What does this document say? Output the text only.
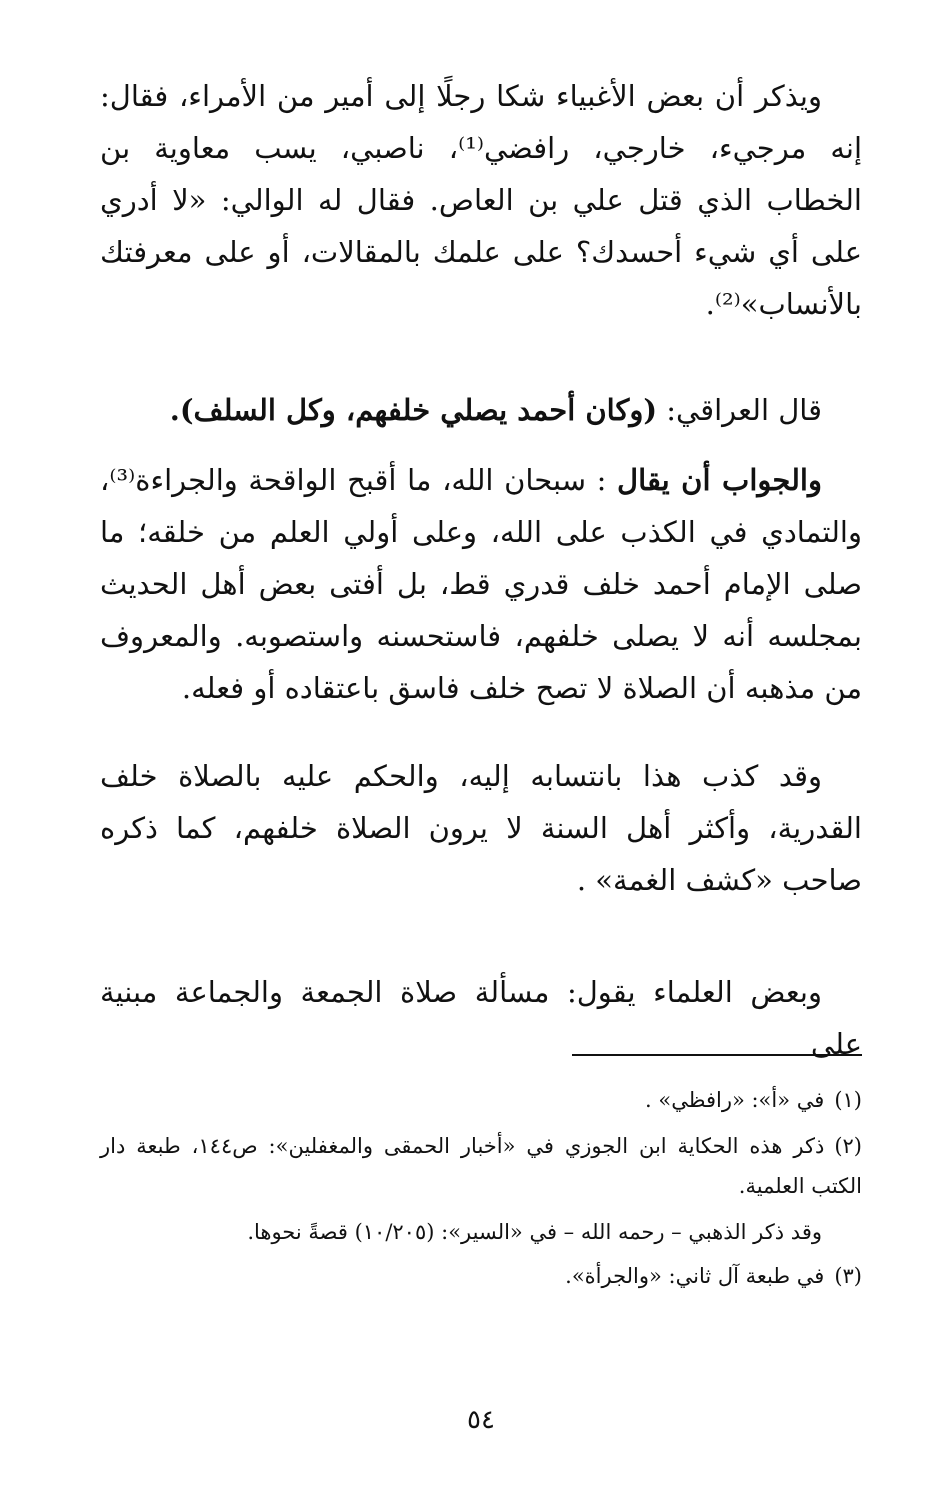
ويذكر أن بعض الأغبياء شكا رجلًا إلى أمير من الأمراء، فقال: إنه مرجيء، خارجي، رافضي⁽¹⁾، ناصبي، يسب معاوية بن الخطاب الذي قتل علي بن العاص. فقال له الوالي: «لا أدري على أي شيء أحسدك؟ على علمك بالمقالات، أو على معرفتك بالأنساب»⁽²⁾.

قال العراقي: (وكان أحمد يصلي خلفهم، وكل السلف).

والجواب أن يقال : سبحان الله، ما أقبح الواقحة والجراءة⁽³⁾، والتمادي في الكذب على الله، وعلى أولي العلم من خلقه؛ ما صلى الإمام أحمد خلف قدري قط، بل أفتى بعض أهل الحديث بمجلسه أنه لا يصلى خلفهم، فاستحسنه واستصوبه. والمعروف من مذهبه أن الصلاة لا تصح خلف فاسق باعتقاده أو فعله.

وقد كذب هذا بانتسابه إليه، والحكم عليه بالصلاة خلف القدرية، وأكثر أهل السنة لا يرون الصلاة خلفهم، كما ذكره صاحب «كشف الغمة» .

وبعض العلماء يقول: مسألة صلاة الجمعة والجماعة مبنية على

(١)في «أ»: «رافظي» .

(٢)ذكر هذه الحكاية ابن الجوزي في «أخبار الحمقى والمغفلين»: ص١٤٤، طبعة دار الكتب العلمية.

وقد ذكر الذهبي – رحمه الله – في «السير»: (١٠/٢٠٥) قصةً نحوها.

(٣)في طبعة آل ثاني: «والجرأة».

٥٤
